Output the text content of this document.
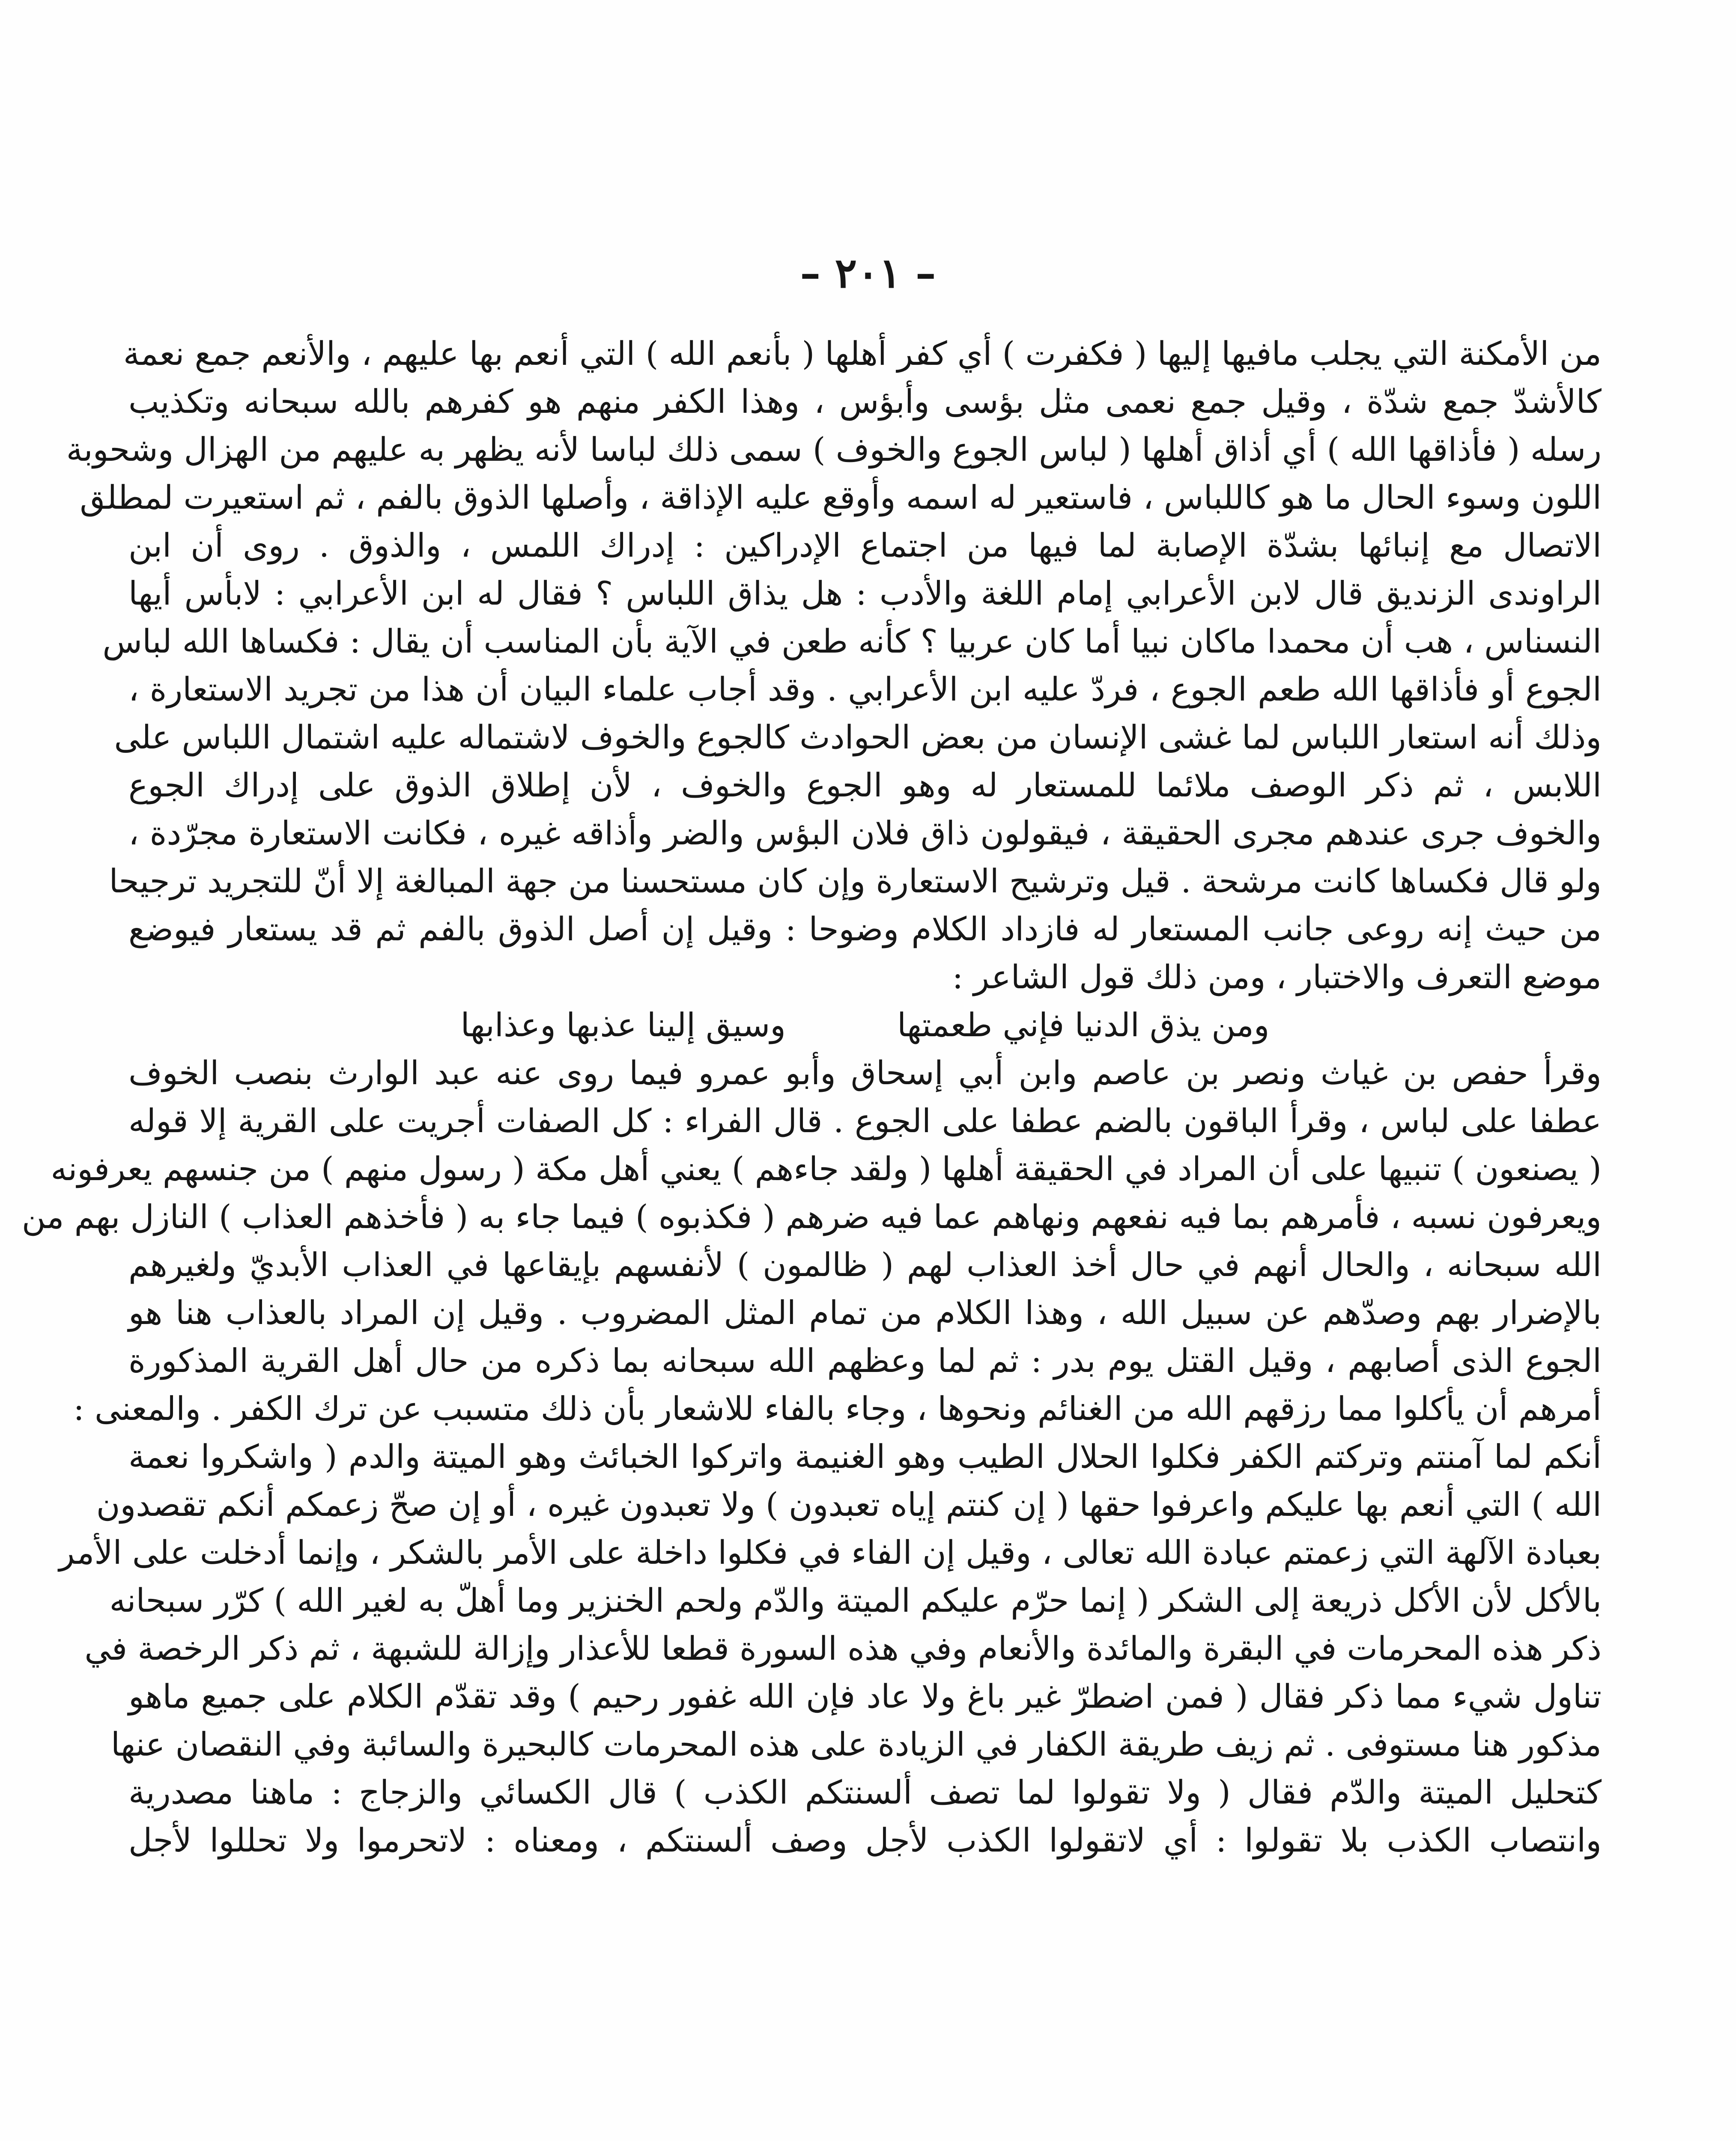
– ٢٠١ –
من الأمكنة التي يجلب مافيها إليها ( فكفرت ) أي كفر أهلها ( بأنعم الله ) التي أنعم بها عليهم ، والأنعم جمع نعمة
كالأشدّ جمع شدّة ، وقيل جمع نعمى مثل بؤسى وأبؤس ، وهذا الكفر منهم هو كفرهم بالله سبحانه وتكذيب
رسله ( فأذاقها الله ) أي أذاق أهلها ( لباس الجوع والخوف ) سمى ذلك لباسا لأنه يظهر به عليهم من الهزال وشحوبة
اللون وسوء الحال ما هو كاللباس ، فاستعير له اسمه وأوقع عليه الإذاقة ، وأصلها الذوق بالفم ، ثم استعيرت لمطلق
الاتصال مع إنبائها بشدّة الإصابة لما فيها من اجتماع الإدراكين : إدراك اللمس ، والذوق . روى أن ابن
الراوندى الزنديق قال لابن الأعرابي إمام اللغة والأدب : هل يذاق اللباس ؟ فقال له ابن الأعرابي : لابأس أيها
النسناس ، هب أن محمدا ماكان نبيا أما كان عربيا ؟ كأنه طعن في الآية بأن المناسب أن يقال : فكساها الله لباس
الجوع أو فأذاقها الله طعم الجوع ، فردّ عليه ابن الأعرابي . وقد أجاب علماء البيان أن هذا من تجريد الاستعارة ،
وذلك أنه استعار اللباس لما غشى الإنسان من بعض الحوادث كالجوع والخوف لاشتماله عليه اشتمال اللباس على
اللابس ، ثم ذكر الوصف ملائما للمستعار له وهو الجوع والخوف ، لأن إطلاق الذوق على إدراك الجوع
والخوف جرى عندهم مجرى الحقيقة ، فيقولون ذاق فلان البؤس والضر وأذاقه غيره ، فكانت الاستعارة مجرّدة ،
ولو قال فكساها كانت مرشحة . قيل وترشيح الاستعارة وإن كان مستحسنا من جهة المبالغة إلا أنّ للتجريد ترجيحا
من حيث إنه روعى جانب المستعار له فازداد الكلام وضوحا : وقيل إن أصل الذوق بالفم ثم قد يستعار فيوضع
موضع التعرف والاختبار ، ومن ذلك قول الشاعر :
ومن يذق الدنيا فإني طعمتها
وسيق إلينا عذبها وعذابها
وقرأ حفص بن غياث ونصر بن عاصم وابن أبي إسحاق وأبو عمرو فيما روى عنه عبد الوارث بنصب الخوف
عطفا على لباس ، وقرأ الباقون بالضم عطفا على الجوع . قال الفراء : كل الصفات أجريت على القرية إلا قوله
( يصنعون ) تنبيها على أن المراد في الحقيقة أهلها ( ولقد جاءهم ) يعني أهل مكة ( رسول منهم ) من جنسهم يعرفونه
ويعرفون نسبه ، فأمرهم بما فيه نفعهم ونهاهم عما فيه ضرهم ( فكذبوه ) فيما جاء به ( فأخذهم العذاب ) النازل بهم من
الله سبحانه ، والحال أنهم في حال أخذ العذاب لهم ( ظالمون ) لأنفسهم بإيقاعها في العذاب الأبديّ ولغيرهم
بالإضرار بهم وصدّهم عن سبيل الله ، وهذا الكلام من تمام المثل المضروب . وقيل إن المراد بالعذاب هنا هو
الجوع الذى أصابهم ، وقيل القتل يوم بدر : ثم لما وعظهم الله سبحانه بما ذكره من حال أهل القرية المذكورة
أمرهم أن يأكلوا مما رزقهم الله من الغنائم ونحوها ، وجاء بالفاء للاشعار بأن ذلك متسبب عن ترك الكفر . والمعنى :
أنكم لما آمنتم وتركتم الكفر فكلوا الحلال الطيب وهو الغنيمة واتركوا الخبائث وهو الميتة والدم ( واشكروا نعمة
الله ) التي أنعم بها عليكم واعرفوا حقها ( إن كنتم إياه تعبدون ) ولا تعبدون غيره ، أو إن صحّ زعمكم أنكم تقصدون
بعبادة الآلهة التي زعمتم عبادة الله تعالى ، وقيل إن الفاء في فكلوا داخلة على الأمر بالشكر ، وإنما أدخلت على الأمر
بالأكل لأن الأكل ذريعة إلى الشكر ( إنما حرّم عليكم الميتة والدّم ولحم الخنزير وما أهلّ به لغير الله ) كرّر سبحانه
ذكر هذه المحرمات في البقرة والمائدة والأنعام وفي هذه السورة قطعا للأعذار وإزالة للشبهة ، ثم ذكر الرخصة في
تناول شيء مما ذكر فقال ( فمن اضطرّ غير باغ ولا عاد فإن الله غفور رحيم ) وقد تقدّم الكلام على جميع ماهو
مذكور هنا مستوفى . ثم زيف طريقة الكفار في الزيادة على هذه المحرمات كالبحيرة والسائبة وفي النقصان عنها
كتحليل الميتة والدّم فقال ( ولا تقولوا لما تصف ألسنتكم الكذب ) قال الكسائي والزجاج : ماهنا مصدرية
وانتصاب الكذب بلا تقولوا : أي لاتقولوا الكذب لأجل وصف ألسنتكم ، ومعناه : لاتحرموا ولا تحللوا لأجل
